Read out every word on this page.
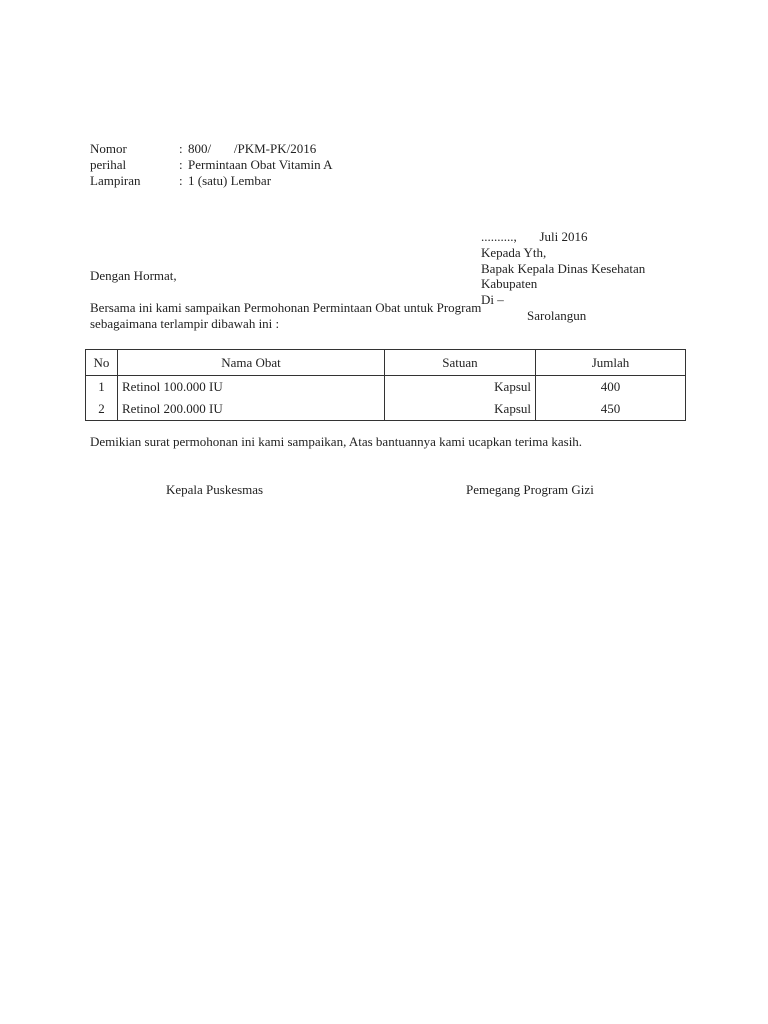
Nomor	: 800/       /PKM-PK/2016
perihal	: Permintaan Obat Vitamin A
Lampiran	: 1 (satu) Lembar
Dengan Hormat,
Bersama ini kami sampaikan Permohonan Permintaan Obat untuk Program
sebagaimana terlampir dibawah ini :
..........,       Juli 2016
Kepada Yth,
Bapak Kepala Dinas Kesehatan
Kabupaten
Di –
Sarolangun
No	Nama Obat	Satuan	Jumlah
1	Retinol 100.000 IU	Kapsul	400
2	Retinol 200.000 IU	Kapsul	450
Demikian surat permohonan ini kami sampaikan, Atas bantuannya kami ucapkan terima kasih.
Kepala Puskesmas	Pemegang Program Gizi
